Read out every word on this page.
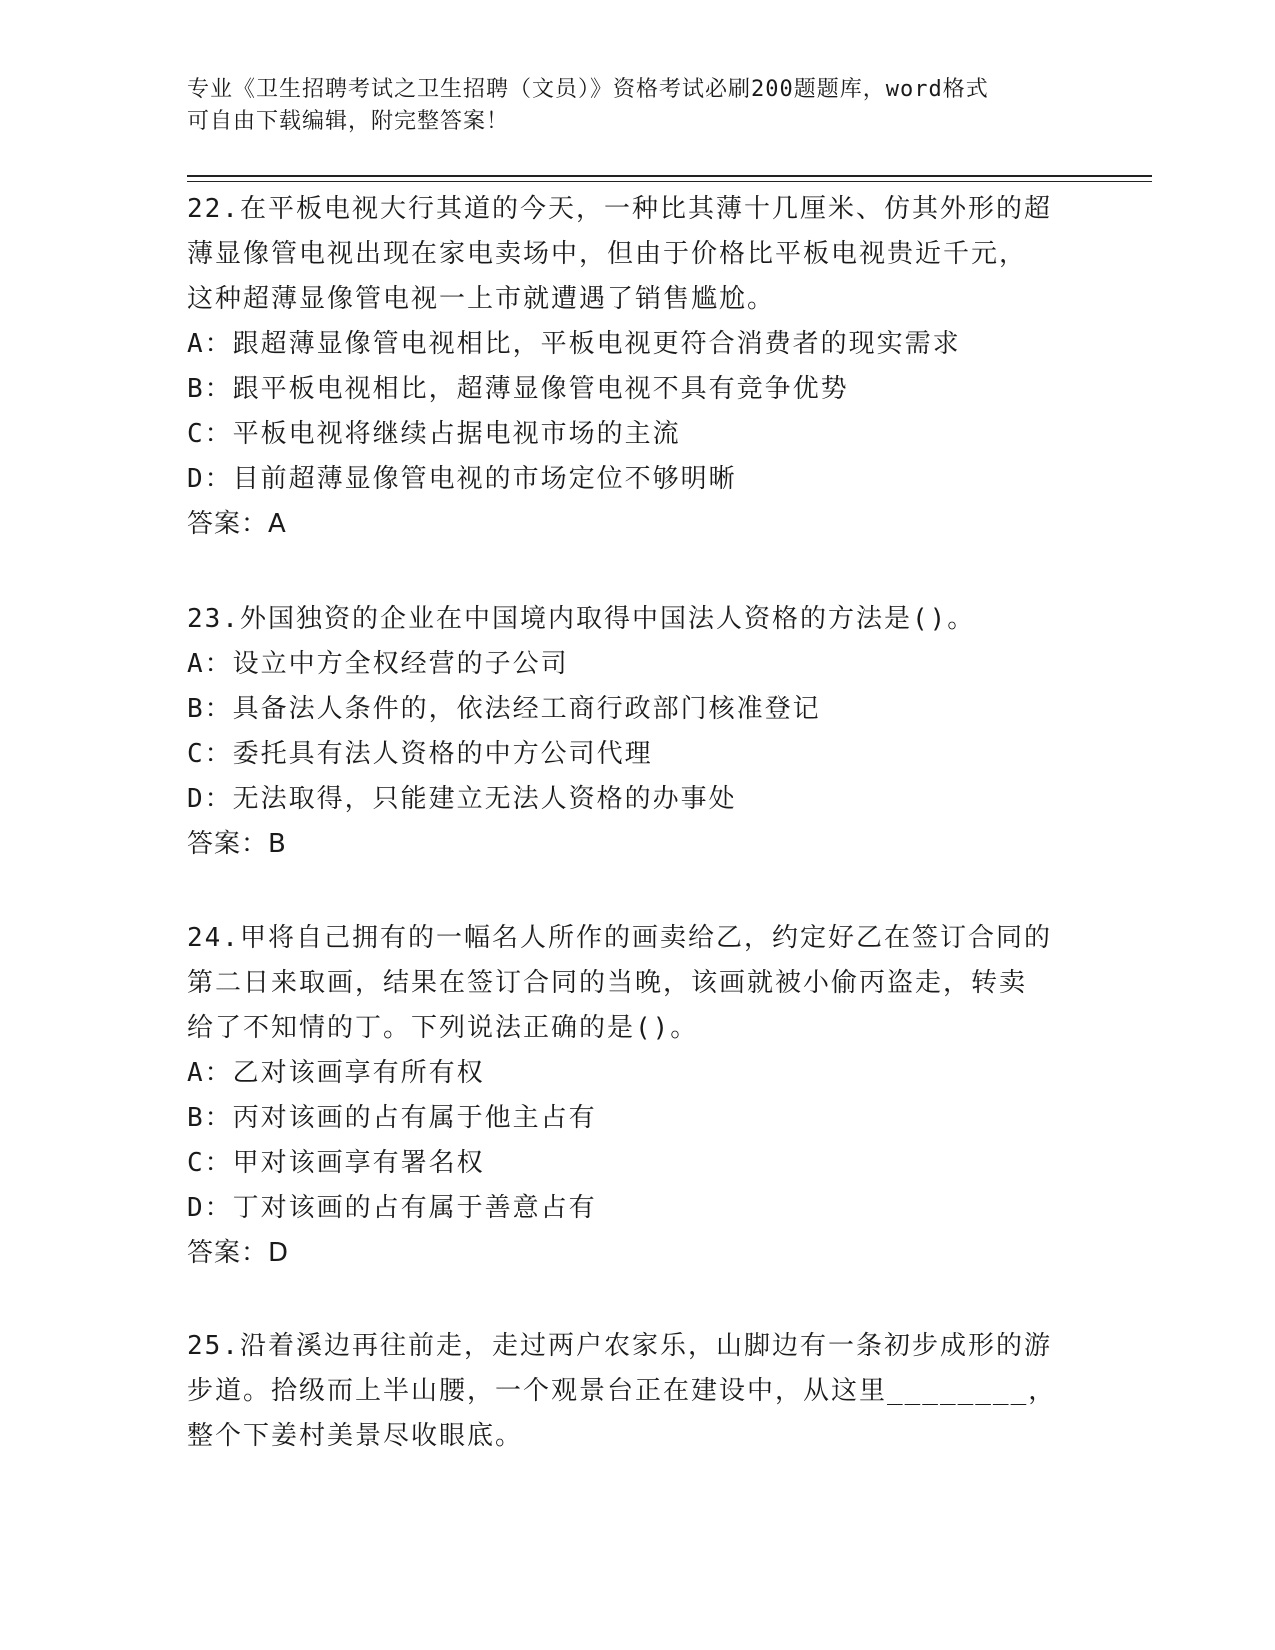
专业《卫生招聘考试之卫生招聘（文员）》资格考试必刷200题题库，word格式
可自由下载编辑，附完整答案！
22.在平板电视大行其道的今天，一种比其薄十几厘米、仿其外形的超
薄显像管电视出现在家电卖场中，但由于价格比平板电视贵近千元，
这种超薄显像管电视一上市就遭遇了销售尴尬。
A：跟超薄显像管电视相比，平板电视更符合消费者的现实需求
B：跟平板电视相比，超薄显像管电视不具有竞争优势
C：平板电视将继续占据电视市场的主流
D：目前超薄显像管电视的市场定位不够明晰
答案：A
23.外国独资的企业在中国境内取得中国法人资格的方法是()。
A：设立中方全权经营的子公司
B：具备法人条件的，依法经工商行政部门核准登记
C：委托具有法人资格的中方公司代理
D：无法取得，只能建立无法人资格的办事处
答案：B
24.甲将自己拥有的一幅名人所作的画卖给乙，约定好乙在签订合同的
第二日来取画，结果在签订合同的当晚，该画就被小偷丙盗走，转卖
给了不知情的丁。下列说法正确的是()。
A：乙对该画享有所有权
B：丙对该画的占有属于他主占有
C：甲对该画享有署名权
D：丁对该画的占有属于善意占有
答案：D
25.沿着溪边再往前走，走过两户农家乐，山脚边有一条初步成形的游
步道。拾级而上半山腰，一个观景台正在建设中，从这里________，
整个下姜村美景尽收眼底。
